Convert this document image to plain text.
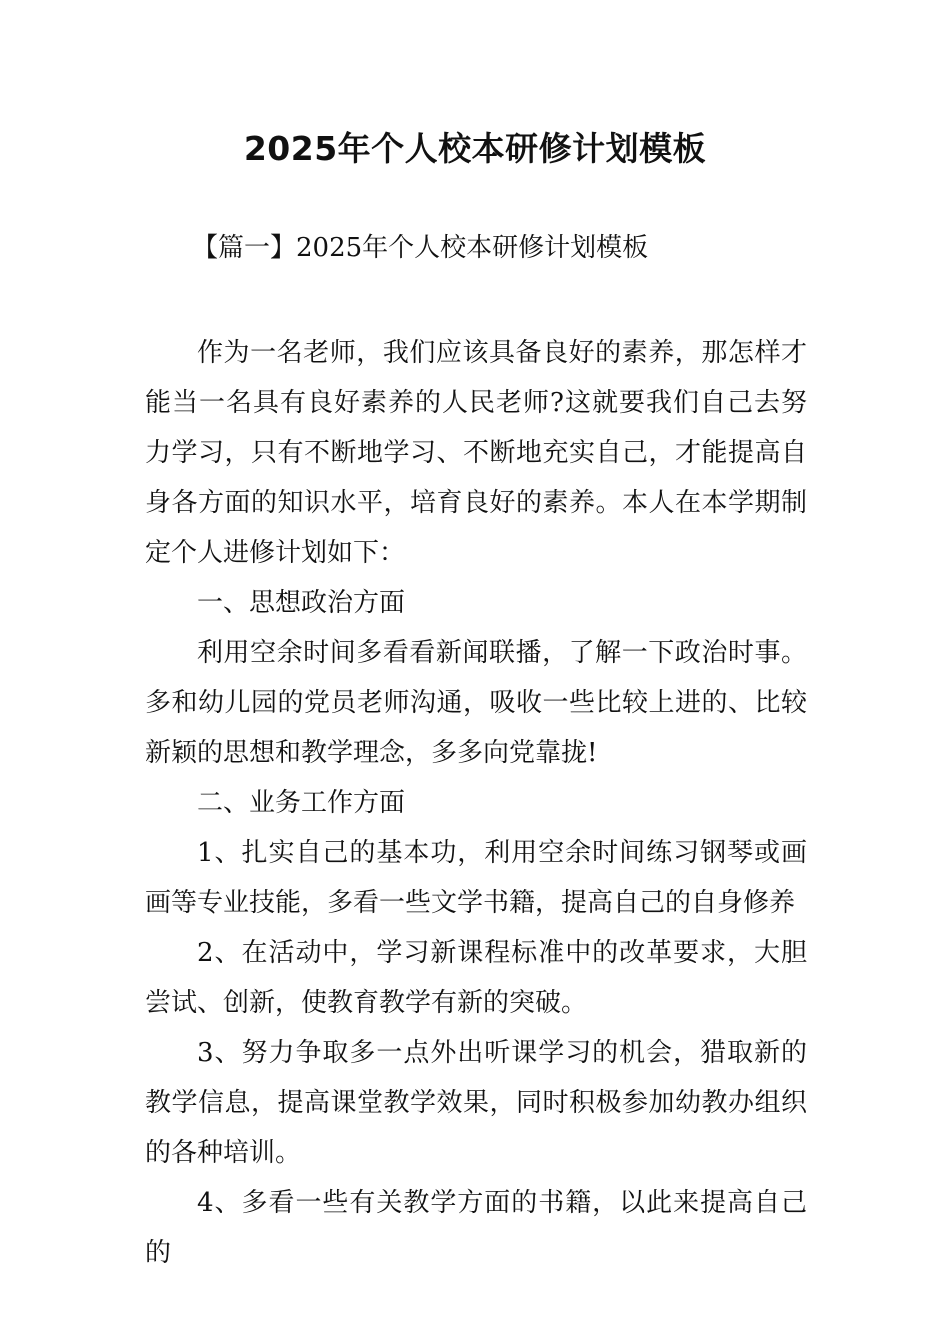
2025年个人校本研修计划模板
【篇一】2025年个人校本研修计划模板

作为一名老师，我们应该具备良好的素养，那怎样才能当一名具有良好素养的人民老师?这就要我们自己去努力学习，只有不断地学习、不断地充实自己，才能提高自身各方面的知识水平，培育良好的素养。本人在本学期制定个人进修计划如下：

一、思想政治方面

利用空余时间多看看新闻联播，了解一下政治时事。多和幼儿园的党员老师沟通，吸收一些比较上进的、比较新颖的思想和教学理念，多多向党靠拢!

二、业务工作方面

1、扎实自己的基本功，利用空余时间练习钢琴或画画等专业技能，多看一些文学书籍，提高自己的自身修养

2、在活动中，学习新课程标准中的改革要求，大胆尝试、创新，使教育教学有新的突破。

3、努力争取多一点外出听课学习的机会，猎取新的教学信息，提高课堂教学效果，同时积极参加幼教办组织的各种培训。

4、多看一些有关教学方面的书籍，以此来提高自己的
